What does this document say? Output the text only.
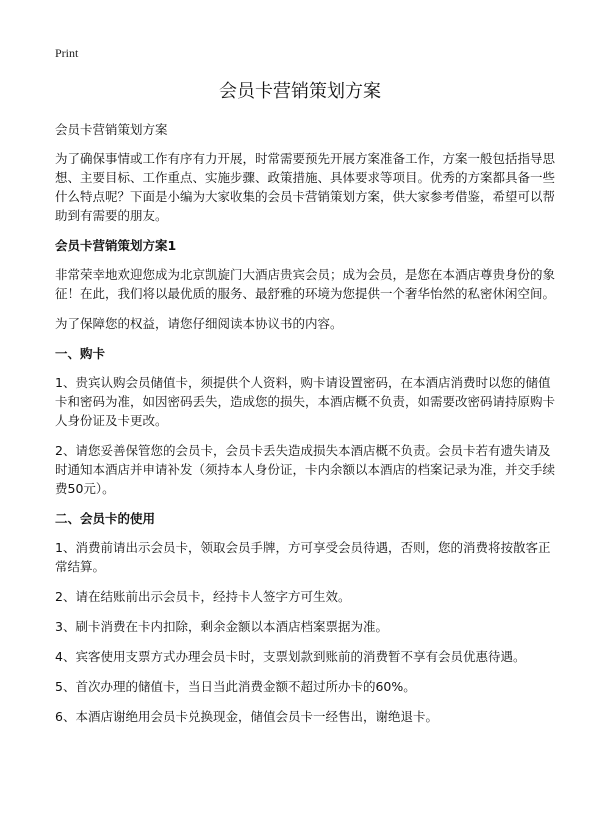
Print
会员卡营销策划方案

会员卡营销策划方案

为了确保事情或工作有序有力开展，时常需要预先开展方案准备工作，方案一般包括指导思想、主要目标、工作重点、实施步骤、政策措施、具体要求等项目。优秀的方案都具备一些什么特点呢？下面是小编为大家收集的会员卡营销策划方案，供大家参考借鉴，希望可以帮助到有需要的朋友。

会员卡营销策划方案1

非常荣幸地欢迎您成为北京凯旋门大酒店贵宾会员；成为会员，是您在本酒店尊贵身份的象征！在此，我们将以最优质的服务、最舒雅的环境为您提供一个奢华怡然的私密休闲空间。

为了保障您的权益，请您仔细阅读本协议书的内容。

一、购卡

1、贵宾认购会员储值卡，须提供个人资料，购卡请设置密码，在本酒店消费时以您的储值卡和密码为准，如因密码丢失，造成您的损失，本酒店概不负责，如需要改密码请持原购卡人身份证及卡更改。

2、请您妥善保管您的会员卡，会员卡丢失造成损失本酒店概不负责。会员卡若有遗失请及时通知本酒店并申请补发（须持本人身份证，卡内余额以本酒店的档案记录为准，并交手续费50元）。

二、会员卡的使用

1、消费前请出示会员卡，领取会员手牌，方可享受会员待遇，否则，您的消费将按散客正常结算。

2、请在结账前出示会员卡，经持卡人签字方可生效。

3、刷卡消费在卡内扣除，剩余金额以本酒店档案票据为准。

4、宾客使用支票方式办理会员卡时，支票划款到账前的消费暂不享有会员优惠待遇。

5、首次办理的储值卡，当日当此消费金额不超过所办卡的60%。

6、本酒店谢绝用会员卡兑换现金，储值会员卡一经售出，谢绝退卡。
